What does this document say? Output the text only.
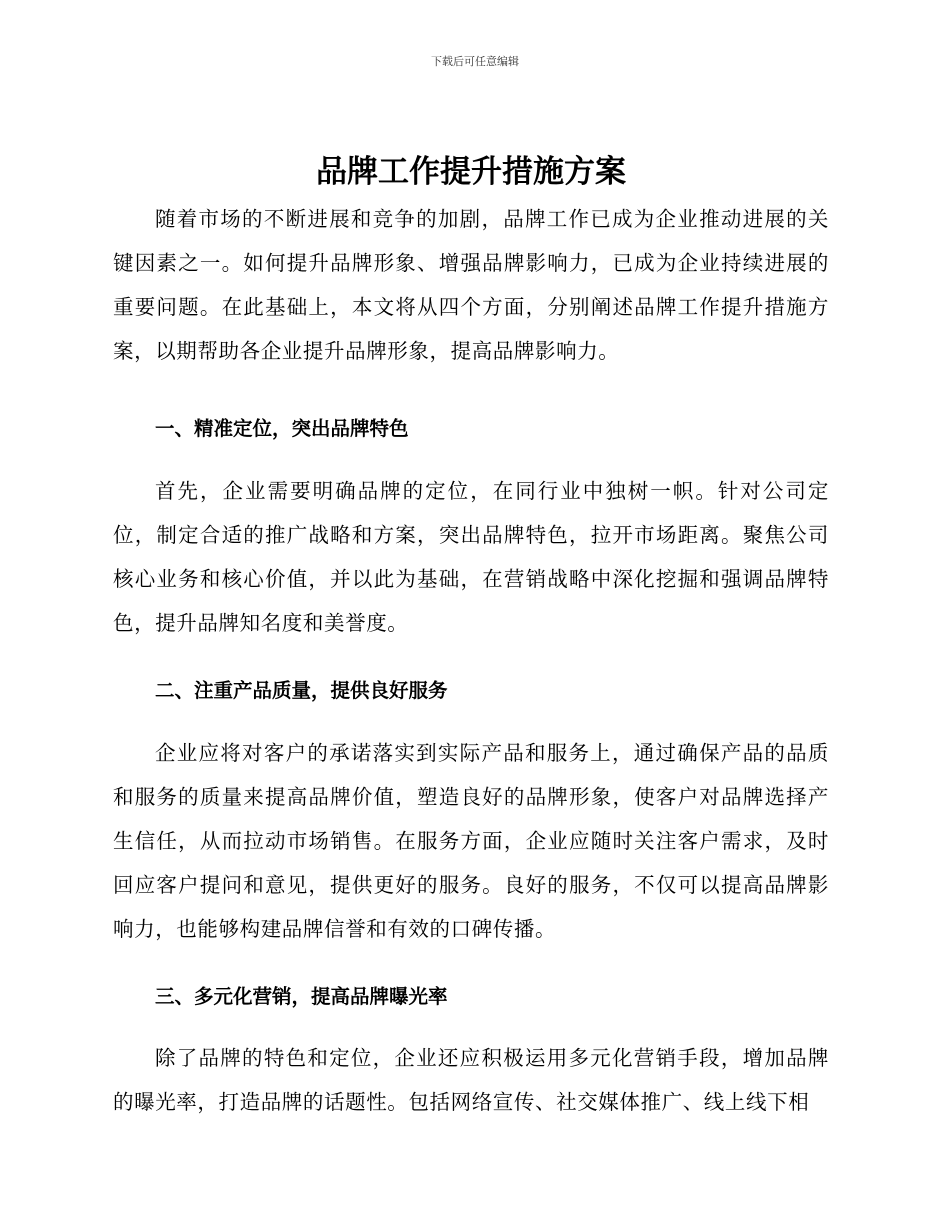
下载后可任意编辑
品牌工作提升措施方案

随着市场的不断进展和竞争的加剧，品牌工作已成为企业推动进展的关键因素之一。如何提升品牌形象、增强品牌影响力，已成为企业持续进展的重要问题。在此基础上，本文将从四个方面，分别阐述品牌工作提升措施方案，以期帮助各企业提升品牌形象，提高品牌影响力。

一、精准定位，突出品牌特色

首先，企业需要明确品牌的定位，在同行业中独树一帜。针对公司定位，制定合适的推广战略和方案，突出品牌特色，拉开市场距离。聚焦公司核心业务和核心价值，并以此为基础，在营销战略中深化挖掘和强调品牌特色，提升品牌知名度和美誉度。

二、注重产品质量，提供良好服务

企业应将对客户的承诺落实到实际产品和服务上，通过确保产品的品质和服务的质量来提高品牌价值，塑造良好的品牌形象，使客户对品牌选择产生信任，从而拉动市场销售。在服务方面，企业应随时关注客户需求，及时回应客户提问和意见，提供更好的服务。良好的服务，不仅可以提高品牌影响力，也能够构建品牌信誉和有效的口碑传播。

三、多元化营销，提高品牌曝光率

除了品牌的特色和定位，企业还应积极运用多元化营销手段，增加品牌的曝光率，打造品牌的话题性。包括网络宣传、社交媒体推广、线上线下相
